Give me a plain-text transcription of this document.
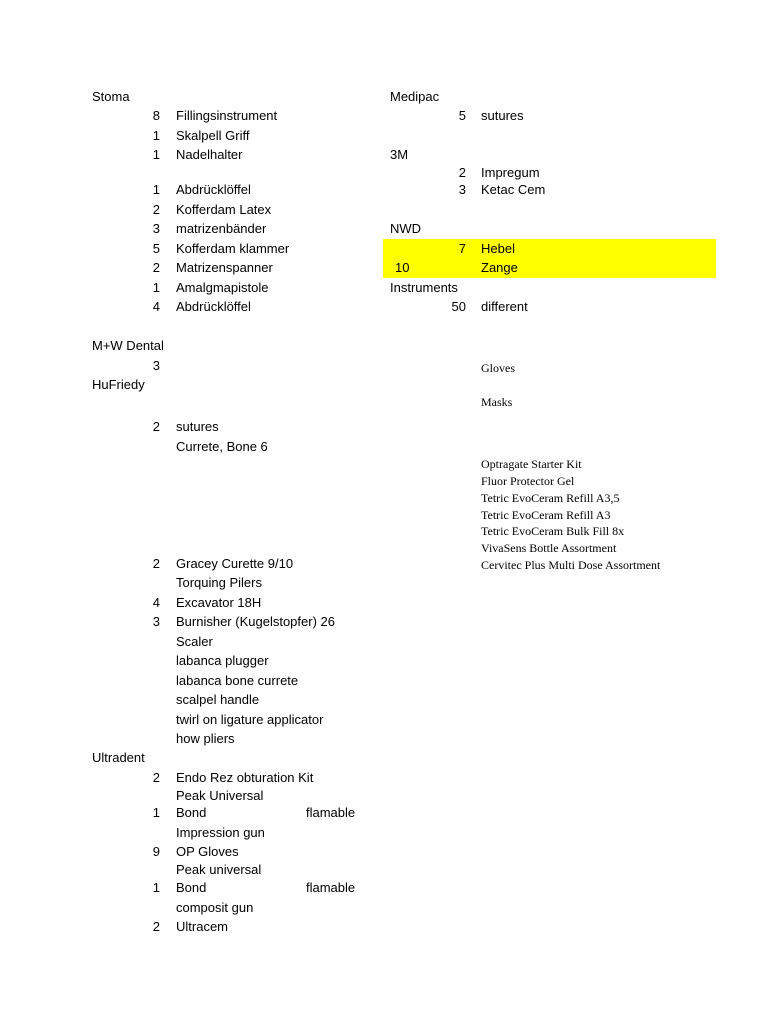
Stoma
8 Fillingsinstrument
1 Skalpell Griff
1 Nadelhalter
1 Abdrücklöffel
2 Kofferdam Latex
3 matrizenbänder
5 Kofferdam klammer
2 Matrizenspanner
1 Amalgmapistole
4 Abdrücklöffel
M+W Dental
3
HuFriedy
2 sutures
Currete, Bone 6
2 Gracey Curette 9/10
Torquing Pilers
4 Excavator 18H
3 Burnisher (Kugelstopfer) 26
Scaler
labanca plugger
labanca bone currete
scalpel handle
twirl on ligature applicator
how pliers
Ultradent
2 Endo Rez obturation Kit
Peak Universal
1 Bond	flamable
Impression gun
9 OP Gloves
Peak universal
1 Bond	flamable
composit gun
2 Ultracem
Medipac
5 sutures
3M
2 Impregum
3 Ketac Cem
NWD
7 Hebel
10	Zange
Instruments
50 different
Gloves
Masks
Optragate Starter Kit
Fluor Protector Gel
Tetric EvoCeram Refill A3,5
Tetric EvoCeram Refill A3
Tetric EvoCeram Bulk Fill 8x
VivaSens Bottle Assortment
Cervitec Plus Multi Dose Assortment
